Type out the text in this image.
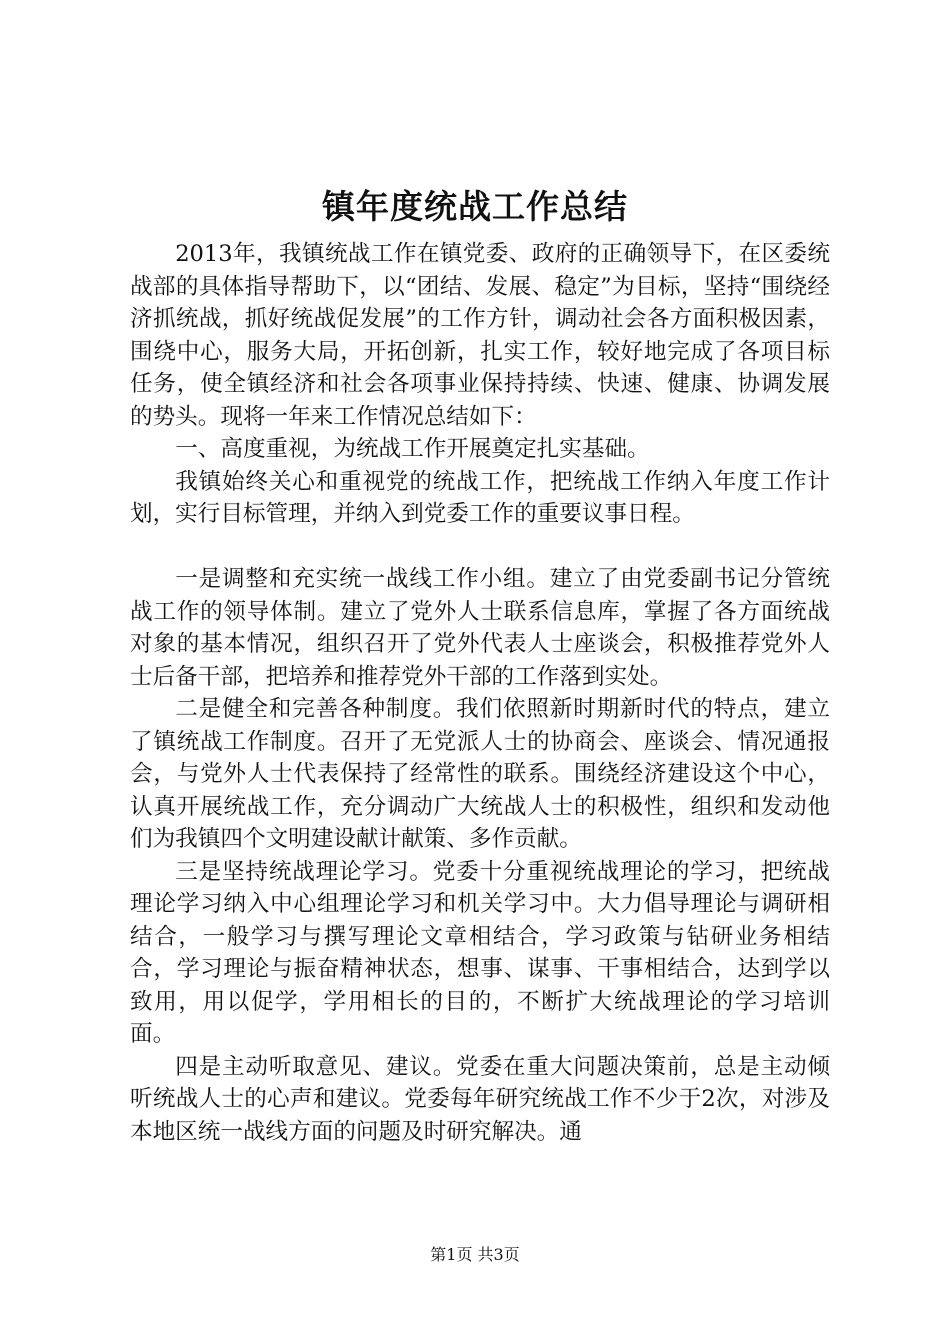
镇年度统战工作总结

2013年，我镇统战工作在镇党委、政府的正确领导下，在区委统战部的具体指导帮助下，以“团结、发展、稳定”为目标，坚持“围绕经济抓统战，抓好统战促发展”的工作方针，调动社会各方面积极因素，围绕中心，服务大局，开拓创新，扎实工作，较好地完成了各项目标任务，使全镇经济和社会各项事业保持持续、快速、健康、协调发展的势头。现将一年来工作情况总结如下：

一、高度重视，为统战工作开展奠定扎实基础。

我镇始终关心和重视党的统战工作，把统战工作纳入年度工作计划，实行目标管理，并纳入到党委工作的重要议事日程。

一是调整和充实统一战线工作小组。建立了由党委副书记分管统战工作的领导体制。建立了党外人士联系信息库，掌握了各方面统战对象的基本情况，组织召开了党外代表人士座谈会，积极推荐党外人士后备干部，把培养和推荐党外干部的工作落到实处。

二是健全和完善各种制度。我们依照新时期新时代的特点，建立了镇统战工作制度。召开了无党派人士的协商会、座谈会、情况通报会，与党外人士代表保持了经常性的联系。围绕经济建设这个中心，认真开展统战工作，充分调动广大统战人士的积极性，组织和发动他们为我镇四个文明建设献计献策、多作贡献。

三是坚持统战理论学习。党委十分重视统战理论的学习，把统战理论学习纳入中心组理论学习和机关学习中。大力倡导理论与调研相结合，一般学习与撰写理论文章相结合，学习政策与钻研业务相结合，学习理论与振奋精神状态，想事、谋事、干事相结合，达到学以致用，用以促学，学用相长的目的，不断扩大统战理论的学习培训面。

四是主动听取意见、建议。党委在重大问题决策前，总是主动倾听统战人士的心声和建议。党委每年研究统战工作不少于2次，对涉及本地区统一战线方面的问题及时研究解决。通

第1页 共3页
